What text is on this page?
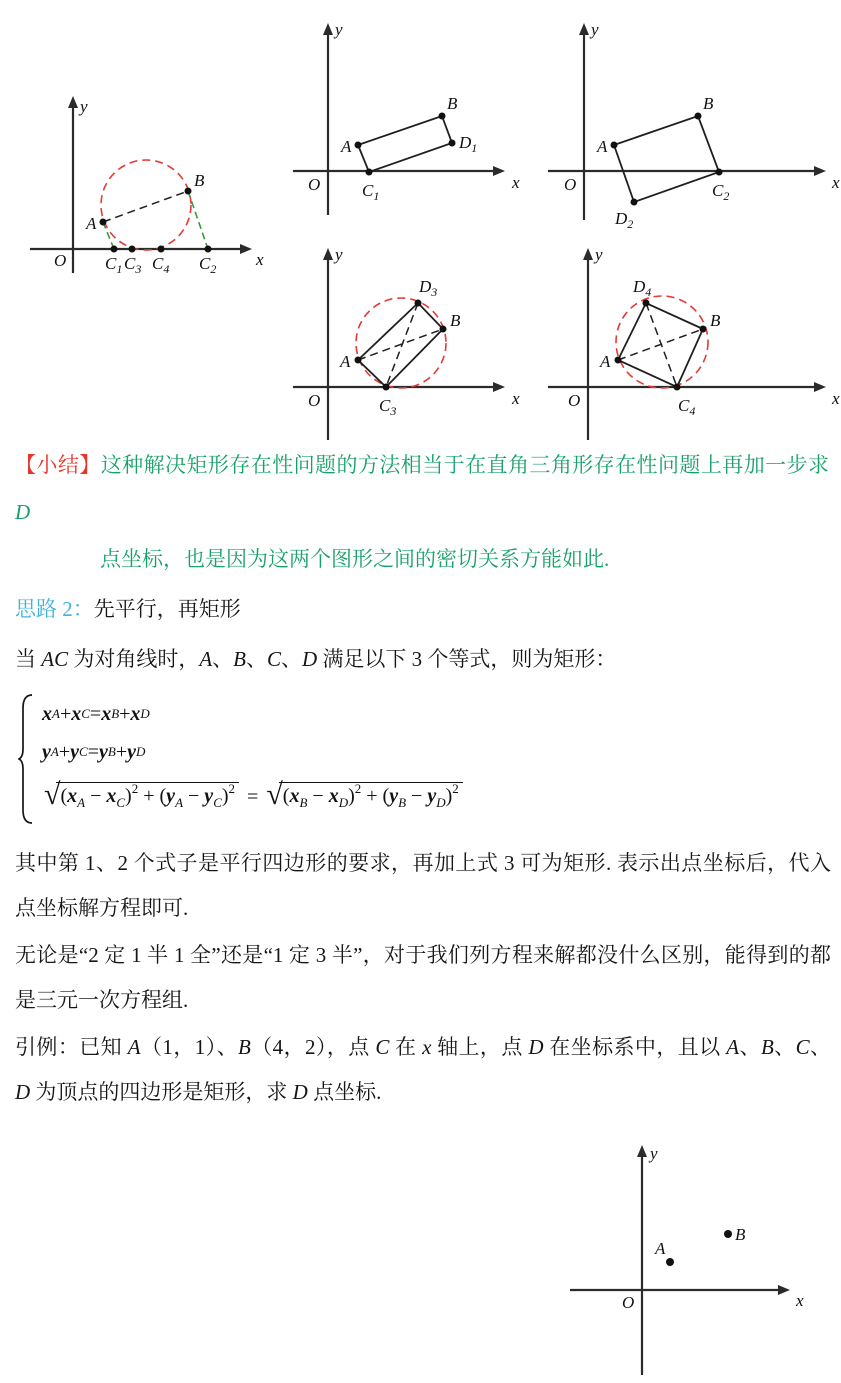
y
x
O
A
B
$C_1$ $C_3$ $C_4$ $C_2$
y
x
O
A
B
$D_1$
$C_1$
y
x
O
A
B
$C_2$
$D_2$
y
x
O
$D_3$
B
A
$C_3$
y
x
O
$D_4$
B
A
$C_4$
【小结】这种解决矩形存在性问题的方法相当于在直角三角形存在性问题上再加一步求 D
点坐标，也是因为这两个图形之间的密切关系方能如此.
思路 2：先平行，再矩形
当 AC 为对角线时，A、B、C、D 满足以下 3 个等式，则为矩形：
x A + x C = x B + x D
y A + y C = y B + y D
√ $(x_A - x_C)^2 + (y_A - y_C)^2$ = √ $(x_B - x_D)^2 + (y_B - y_D)^2$
其中第 1、2 个式子是平行四边形的要求，再加上式 3 可为矩形. 表示出点坐标后，代入
点坐标解方程即可.
无论是“2 定 1 半 1 全”还是“1 定 3 半”，对于我们列方程来解都没什么区别，能得到的都
是三元一次方程组.
引例：已知 A（1，1）、B（4，2），点 C 在 x 轴上，点 D 在坐标系中，且以 A、B、C、
D 为顶点的四边形是矩形，求 D 点坐标.
y
x
O
A
B
